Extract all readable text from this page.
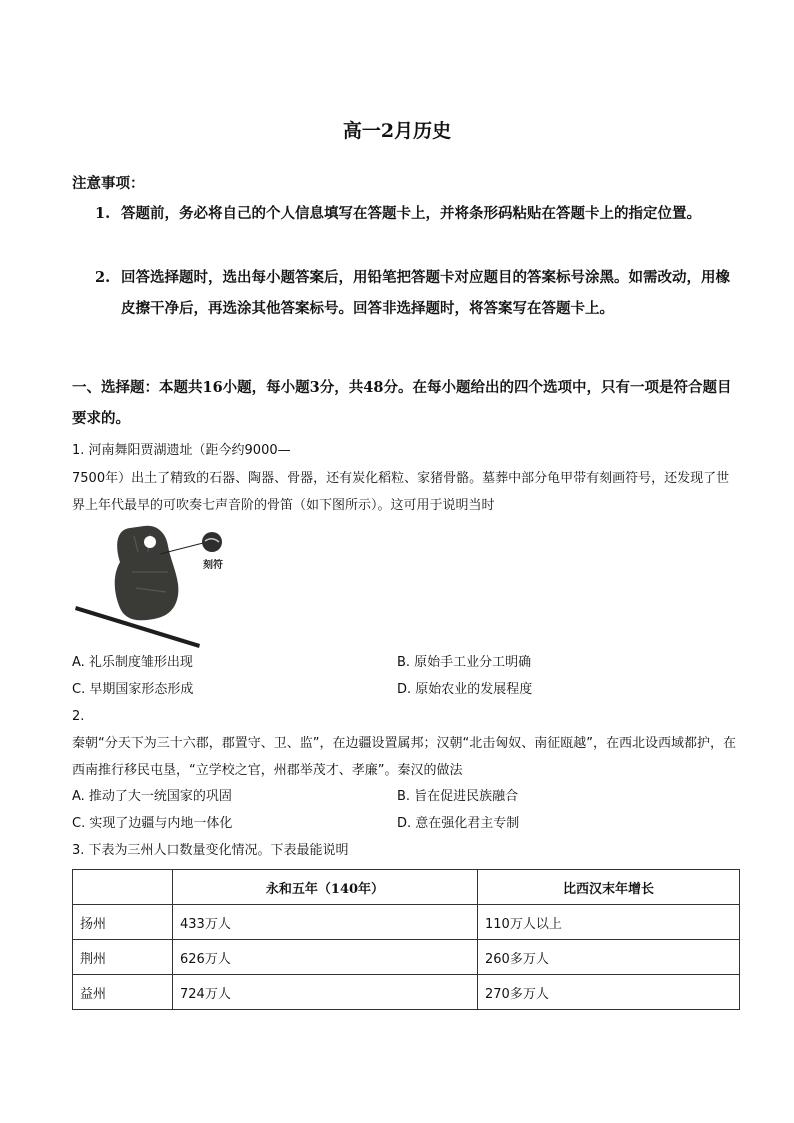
高一2月历史
注意事项：
1. 答题前，务必将自己的个人信息填写在答题卡上，并将条形码粘贴在答题卡上的指定位置。
2. 回答选择题时，选出每小题答案后，用铅笔把答题卡对应题目的答案标号涂黑。如需改动，用橡皮擦干净后，再选涂其他答案标号。回答非选择题时，将答案写在答题卡上。
一、选择题：本题共16小题，每小题3分，共48分。在每小题给出的四个选项中，只有一项是符合题目要求的。
1. 河南舞阳贾湖遗址（距今约9000—
7500年）出土了精致的石器、陶器、骨器，还有炭化稻粒、家猪骨骼。墓葬中部分龟甲带有刻画符号，还发现了世界上年代最早的可吹奏七声音阶的骨笛（如下图所示）。这可用于说明当时
刻符
A. 礼乐制度雏形出现	B. 原始手工业分工明确
C. 早期国家形态形成	D. 原始农业的发展程度
2.
秦朝“分天下为三十六郡，郡置守、卫、监”，在边疆设置属邦；汉朝“北击匈奴、南征瓯越”，在西北设西域都护，在西南推行移民屯垦，“立学校之官，州郡举茂才、孝廉”。秦汉的做法
A. 推动了大一统国家的巩固	B. 旨在促进民族融合
C. 实现了边疆与内地一体化	D. 意在强化君主专制
3. 下表为三州人口数量变化情况。下表最能说明
	永和五年（140年）	比西汉末年增长
扬州	433万人	110万人以上
荆州	626万人	260多万人
益州	724万人	270多万人
